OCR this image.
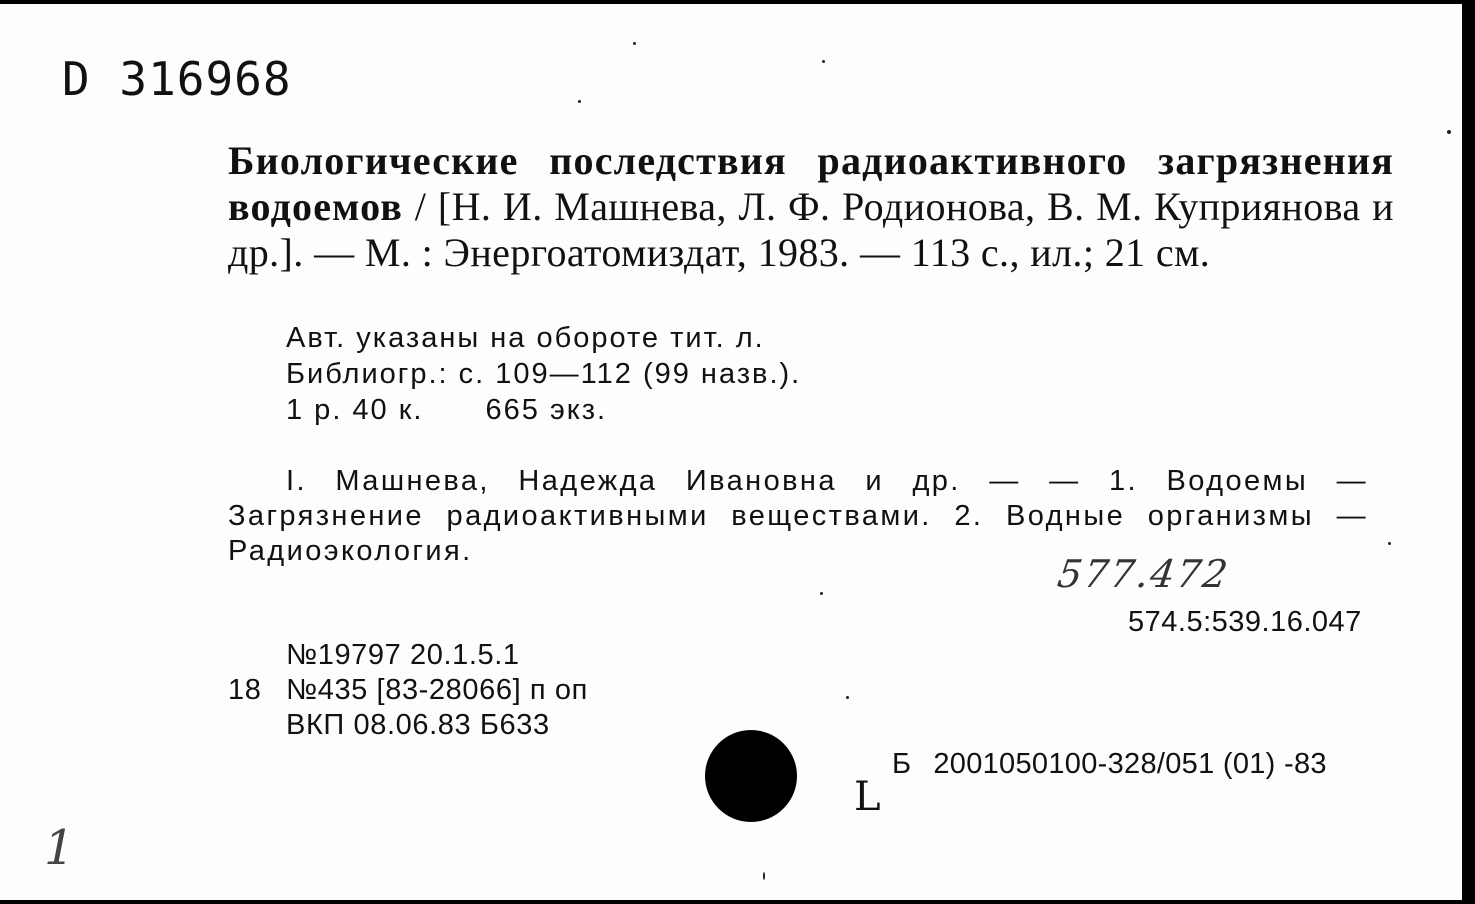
D 316968
Биологические последствия радиоактивного загрязнения водоемов / [Н. И. Машнева, Л. Ф. Родионова, В. М. Куприянова и др.]. — М. : Энергоатомиздат, 1983. — 113 с., ил.; 21 см.
Авт. указаны на обороте тит. л.
Библиогр.: с. 109—112 (99 назв.).
1 р. 40 к. 665 экз.
I. Машнева, Надежда Ивановна и др. — — 1. Водоемы — Загрязнение радиоактивными веществами. 2. Водные организмы — Радиоэкология.
577.472
574.5:539.16.047
№19797 20.1.5.1
18 №435 [83-28066] п оп
ВКП 08.06.83 Б633
L
Б 2001050100-328/051 (01) -83
1
